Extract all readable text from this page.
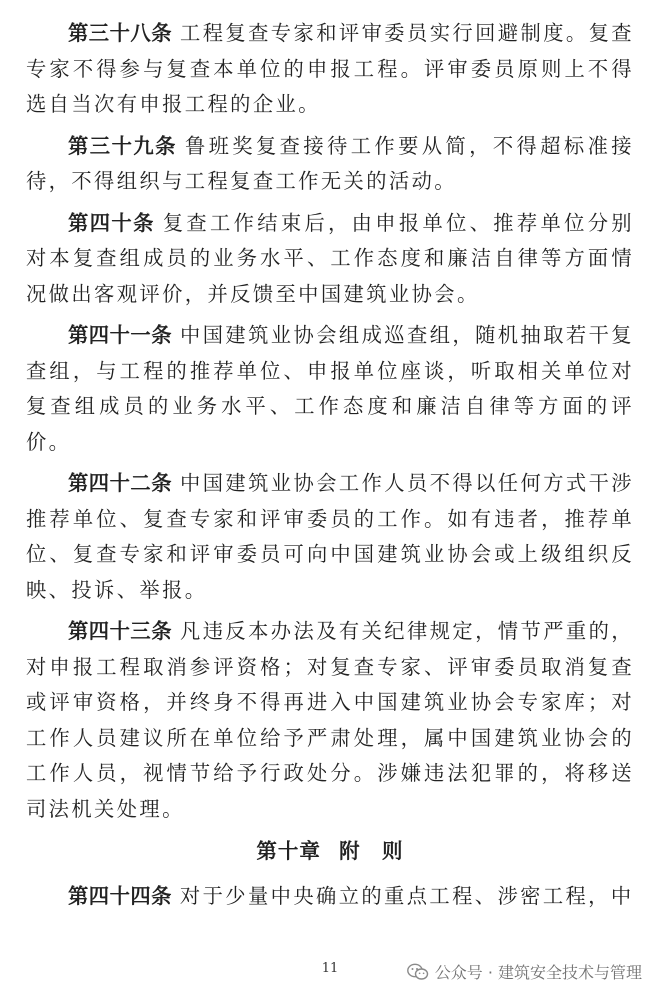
第三十八条 工程复查专家和评审委员实行回避制度。复查专家不得参与复查本单位的申报工程。评审委员原则上不得选自当次有申报工程的企业。

第三十九条 鲁班奖复查接待工作要从简，不得超标准接待，不得组织与工程复查工作无关的活动。

第四十条 复查工作结束后，由申报单位、推荐单位分别对本复查组成员的业务水平、工作态度和廉洁自律等方面情况做出客观评价，并反馈至中国建筑业协会。

第四十一条 中国建筑业协会组成巡查组，随机抽取若干复查组，与工程的推荐单位、申报单位座谈，听取相关单位对复查组成员的业务水平、工作态度和廉洁自律等方面的评价。

第四十二条 中国建筑业协会工作人员不得以任何方式干涉推荐单位、复查专家和评审委员的工作。如有违者，推荐单位、复查专家和评审委员可向中国建筑业协会或上级组织反映、投诉、举报。

第四十三条 凡违反本办法及有关纪律规定，情节严重的，对申报工程取消参评资格；对复查专家、评审委员取消复查或评审资格，并终身不得再进入中国建筑业协会专家库；对工作人员建议所在单位给予严肃处理，属中国建筑业协会的工作人员，视情节给予行政处分。涉嫌违法犯罪的，将移送司法机关处理。

第十章 附　则

第四十四条 对于少量中央确立的重点工程、涉密工程，中

11	公众号 · 建筑安全技术与管理
